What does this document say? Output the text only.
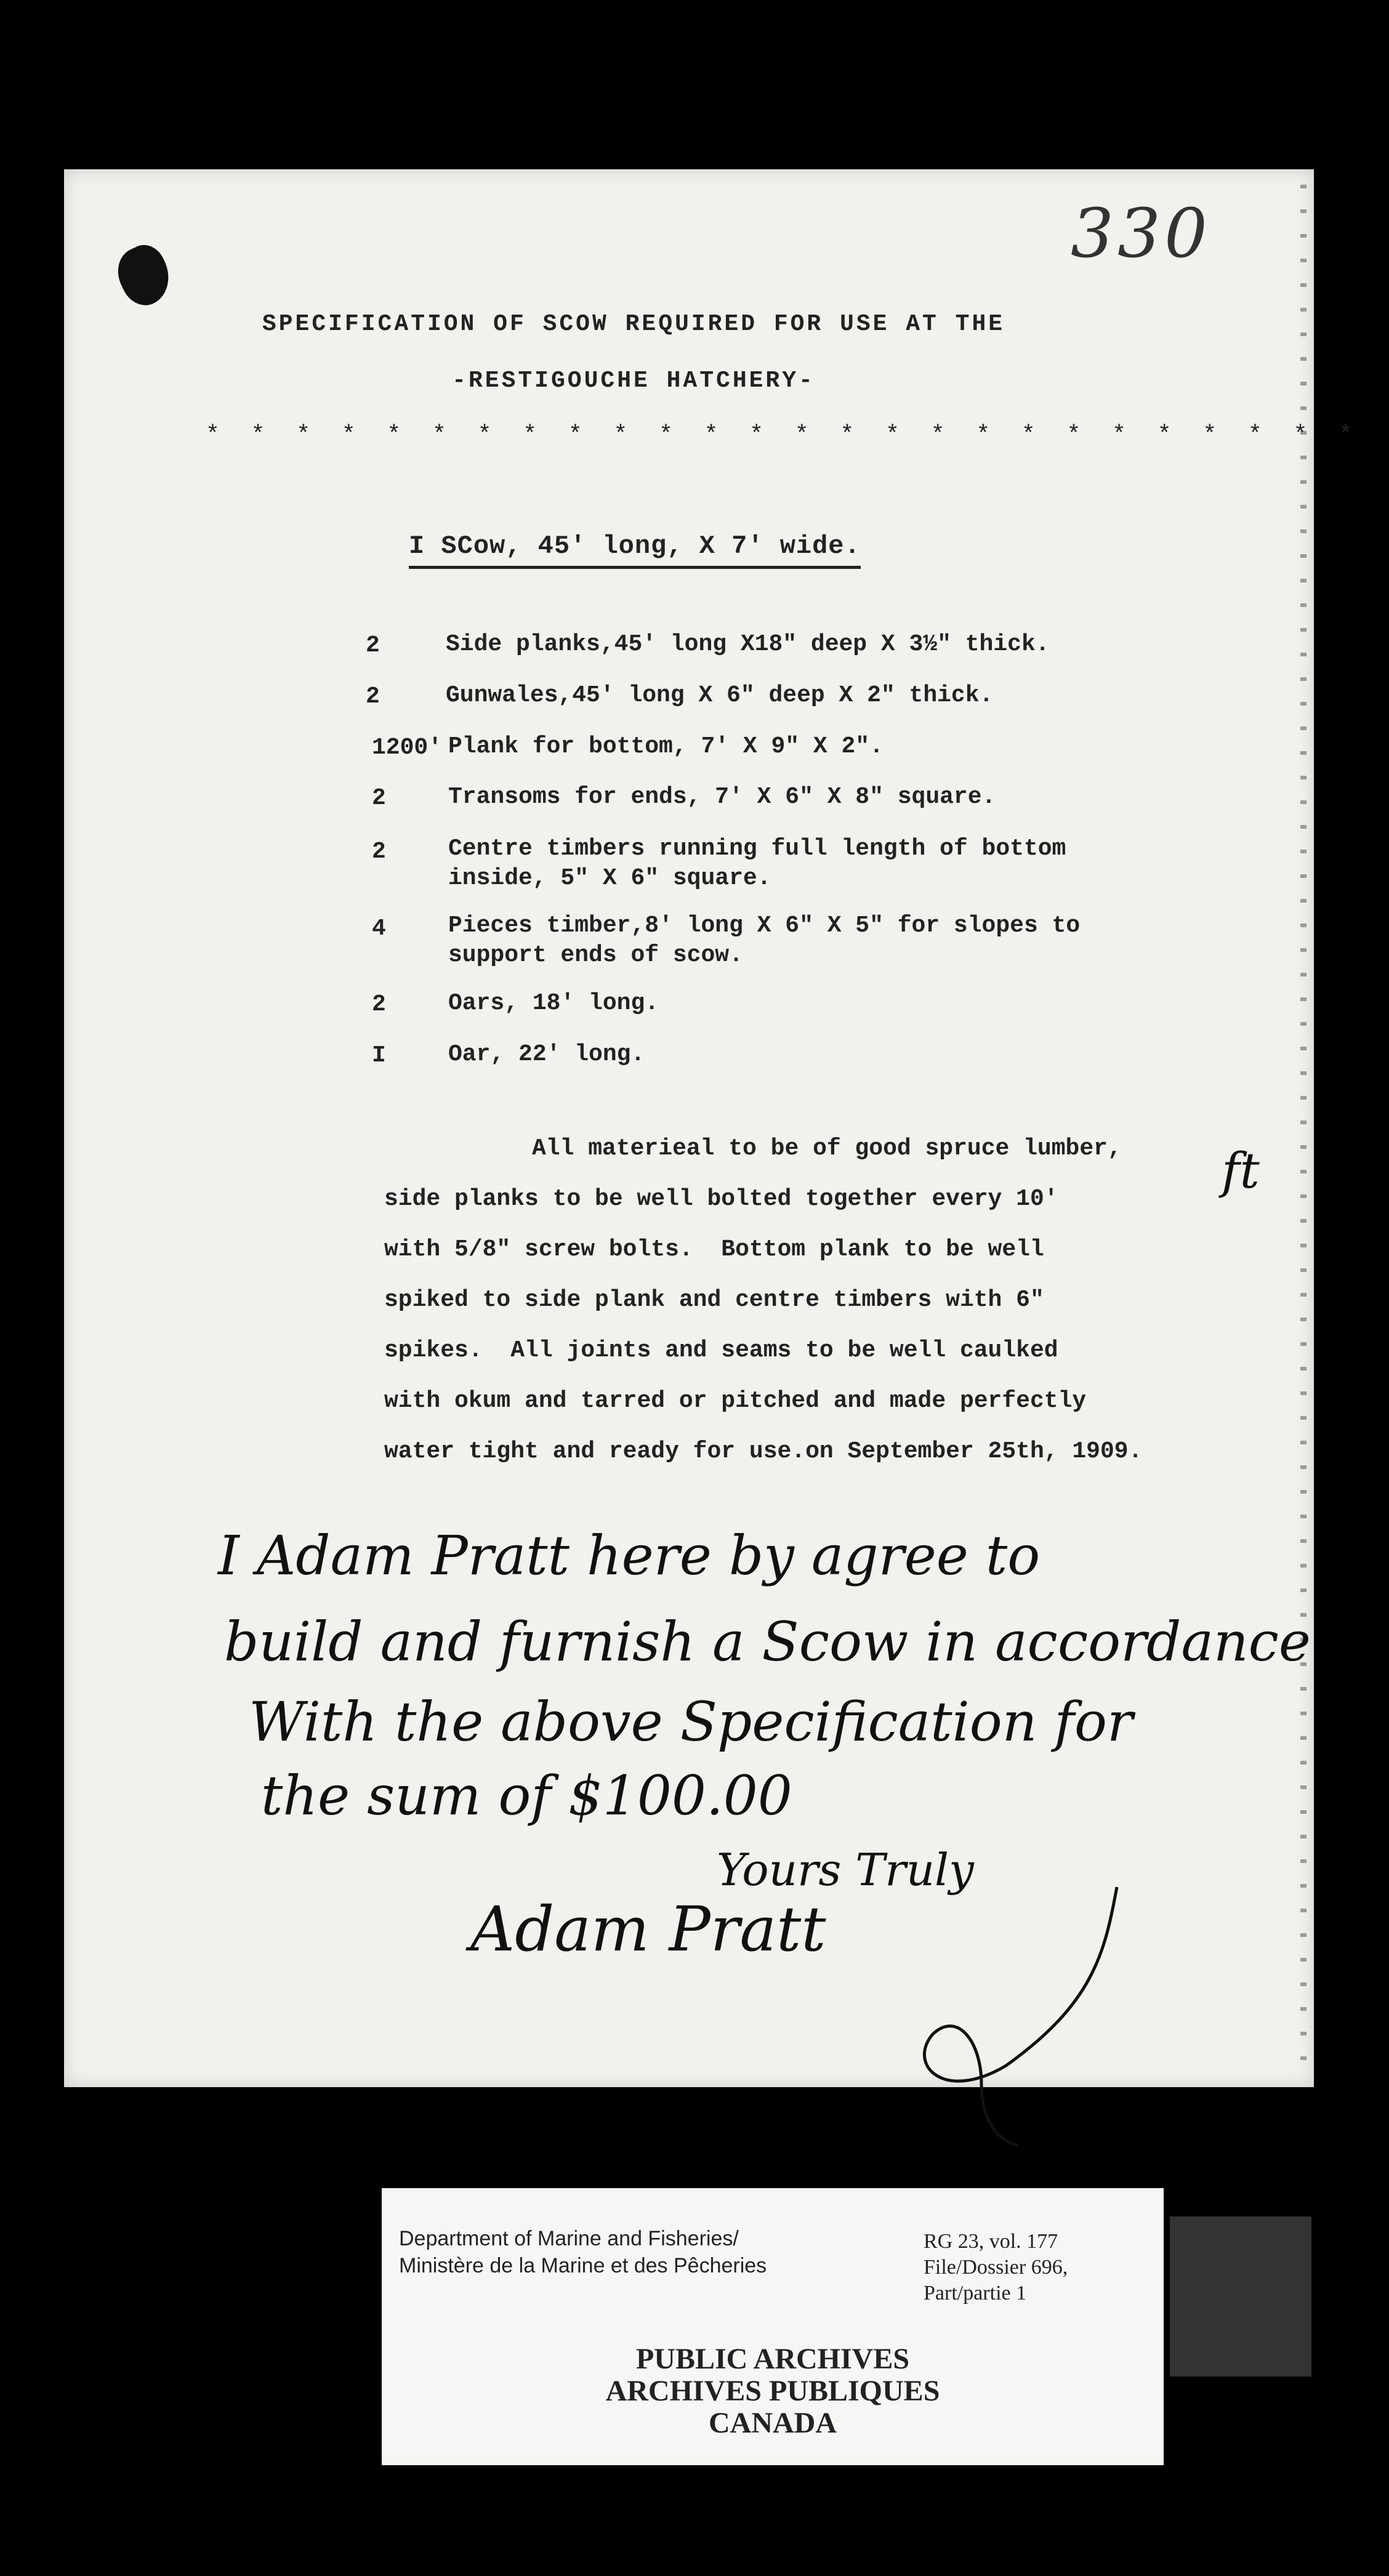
330
SPECIFICATION OF SCOW REQUIRED FOR USE AT THE
-RESTIGOUCHE HATCHERY-
* * * * * * * * * * * * * * * * * * * * * * * * * *
I SCow, 45' long, X 7' wide.
2	Side planks,45' long X18" deep X 3½" thick.
2	Gunwales,45' long X 6" deep X 2" thick.
1200' Plank for bottom, 7' X 9" X 2".
2	Transoms for ends, 7' X 6" X 8" square.
2	Centre timbers running full length of bottom
inside, 5" X 6" square.
4	Pieces timber,8' long X 6" X 5" for slopes to
support ends of scow.
2	Oars, 18' long.
I	Oar, 22' long.
All materieal to be of good spruce lumber,
side planks to be well bolted together every 10'
with 5/8" screw bolts.  Bottom plank to be well
spiked to side plank and centre timbers with 6"
spikes.  All joints and seams to be well caulked
with okum and tarred or pitched and made perfectly
water tight and ready for use.on September 25th, 1909.
ft
I Adam Pratt here by agree to
build and furnish a Scow in accordance
With the above Specification for
the sum of $100.00
Yours Truly
Adam Pratt
Department of Marine and Fisheries/
Ministère de la Marine et des Pêcheries
RG 23, vol. 177
File/Dossier 696,
Part/partie 1
PUBLIC ARCHIVES
ARCHIVES PUBLIQUES
CANADA
